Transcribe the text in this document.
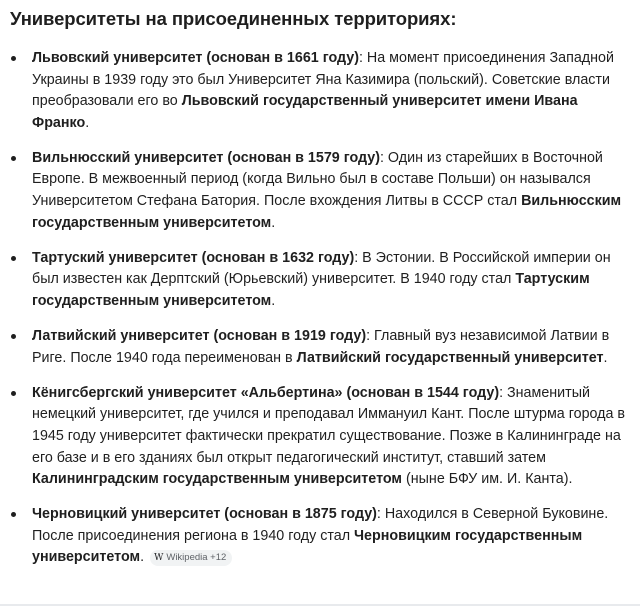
Университеты на присоединенных территориях:
Львовский университет (основан в 1661 году): На момент присоединения Западной Украины в 1939 году это был Университет Яна Казимира (польский). Советские власти преобразовали его во Львовский государственный университет имени Ивана Франко.
Вильнюсский университет (основан в 1579 году): Один из старейших в Восточной Европе. В межвоенный период (когда Вильно был в составе Польши) он назывался Университетом Стефана Батория. После вхождения Литвы в СССР стал Вильнюсским государственным университетом.
Тартуский университет (основан в 1632 году): В Эстонии. В Российской империи он был известен как Дерптский (Юрьевский) университет. В 1940 году стал Тартуским государственным университетом.
Латвийский университет (основан в 1919 году): Главный вуз независимой Латвии в Риге. После 1940 года переименован в Латвийский государственный университет.
Кёнигсбергский университет «Альбертина» (основан в 1544 году): Знаменитый немецкий университет, где учился и преподавал Иммануил Кант. После штурма города в 1945 году университет фактически прекратил существование. Позже в Калининграде на его базе и в его зданиях был открыт педагогический институт, ставший затем Калининградским государственным университетом (ныне БФУ им. И. Канта).
Черновицкий университет (основан в 1875 году): Находился в Северной Буковине. После присоединения региона в 1940 году стал Черновицким государственным университетом. W Wikipedia +12
